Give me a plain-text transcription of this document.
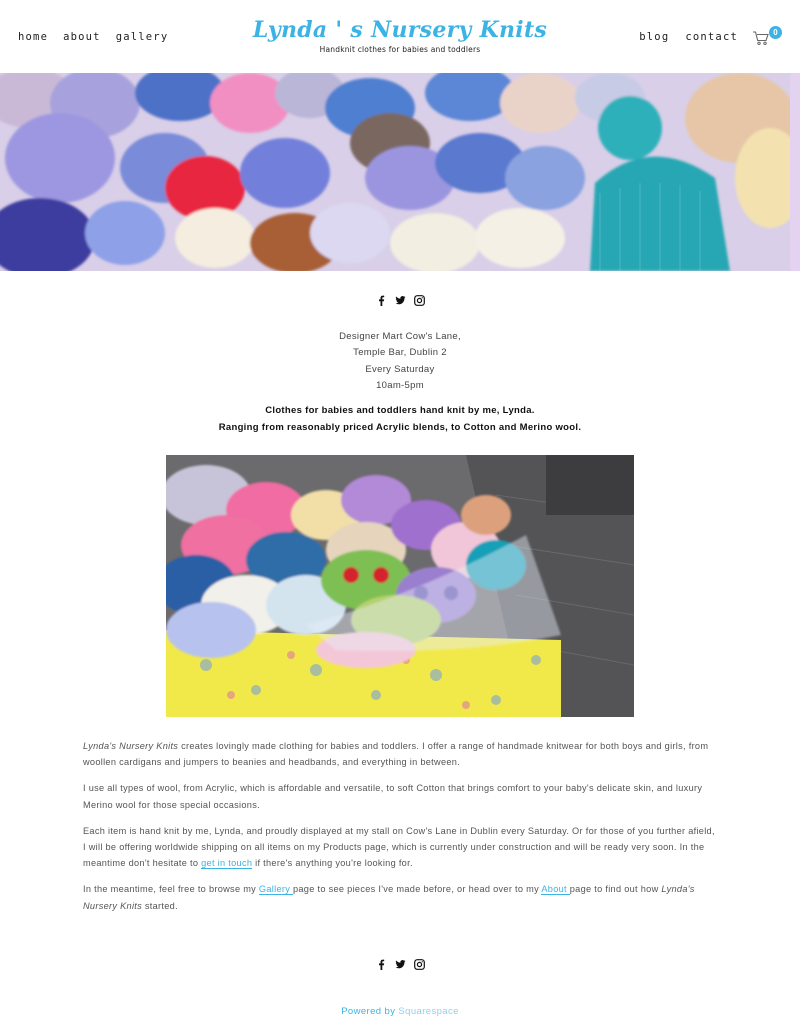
home about gallery	Lynda ' s Nursery Knits
Handknit clothes for babies and toddlers
blog contact	0
Designer Mart Cow's Lane,
Temple Bar, Dublin 2
Every Saturday
10am-5pm
Clothes for babies and toddlers hand knit by me, Lynda.
Ranging from reasonably priced Acrylic blends, to Cotton and Merino wool.

Lynda's Nursery Knits creates lovingly made clothing for babies and toddlers. I offer a range of handmade knitwear for both boys and girls, from woollen cardigans and jumpers to beanies and headbands, and everything in between.

I use all types of wool, from Acrylic, which is affordable and versatile, to soft Cotton that brings comfort to your baby's delicate skin, and luxury Merino wool for those special occasions.

Each item is hand knit by me, Lynda, and proudly displayed at my stall on Cow's Lane in Dublin every Saturday. Or for those of you further afield, I will be offering worldwide shipping on all items on my Products page, which is currently under construction and will be ready very soon. In the meantime don't hesitate to get in touch if there's anything you're looking for.

In the meantime, feel free to browse my Gallery page to see pieces I've made before, or head over to my About page to find out how Lynda's Nursery Knits started.

Powered by Squarespace
